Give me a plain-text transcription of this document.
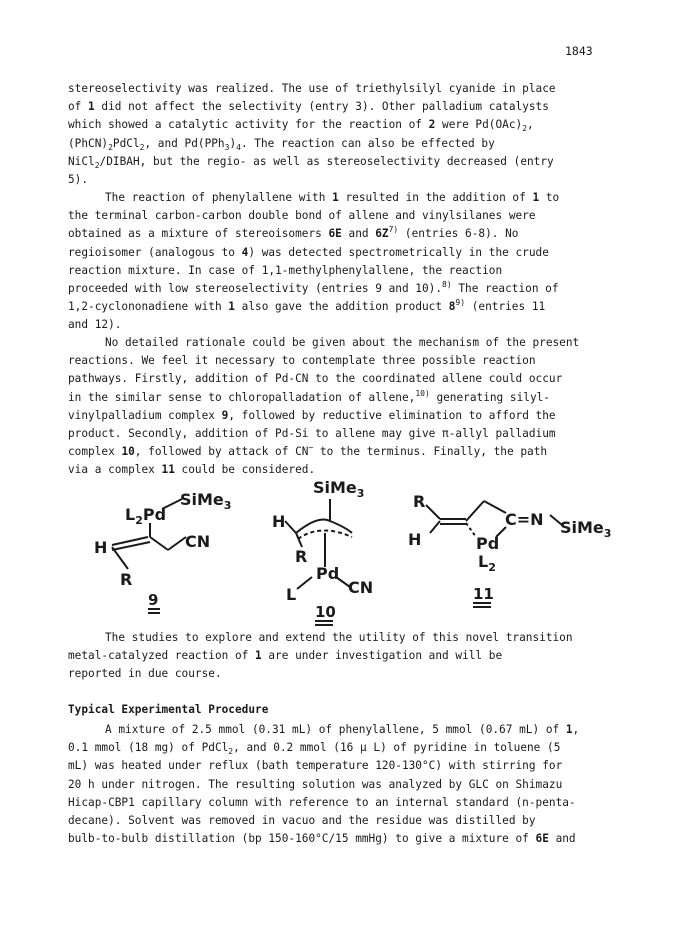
1843

stereoselectivity was realized. The use of triethylsilyl cyanide in place

of 1 did not affect the selectivity (entry 3). Other palladium catalysts

which showed a catalytic activity for the reaction of 2 were $Pd(OAc)_2$,

$(PhCN)_2PdCl_2$, and $Pd(PPh_3)_4$. The reaction can also be effected by

NiCl$_2$/DIBAH, but the regio- as well as stereoselectivity decreased (entry

5).

The reaction of phenylallene with 1 resulted in the addition of 1 to

the terminal carbon-carbon double bond of allene and vinylsilanes were

obtained as a mixture of stereoisomers 6E and $6Z^{7)}$ (entries 6-8). No

regioisomer (analogous to 4) was detected spectrometrically in the crude

reaction mixture. In case of 1,1-methylphenylallene, the reaction

proceeded with low stereoselectivity (entries 9 and 10).$^{8)}$ The reaction of

1,2-cyclononadiene with 1 also gave the addition product 8$^{9)}$ (entries 11

and 12).

No detailed rationale could be given about the mechanism of the present

reactions. We feel it necessary to contemplate three possible reaction

pathways. Firstly, addition of Pd-CN to the coordinated allene could occur

in the similar sense to chloropalladation of allene,$^{10)}$ generating silyl-

vinylpalladium complex 9, followed by reductive elimination to afford the

product. Secondly, addition of Pd-Si to allene may give π-allyl palladium

complex 10, followed by attack of CN− to the terminus. Finally, the path

via a complex 11 could be considered.

SiMe$_3$
$L_2Pd$
H	CN
R
9
SiMe$_3$
H
R
Pd
L	CN
10
R
H
C=N SiMe$_3$
Pd
$L_2$
11

The studies to explore and extend the utility of this novel transition

metal-catalyzed reaction of 1 are under investigation and will be

reported in due course.

Typical Experimental Procedure

A mixture of 2.5 mmol (0.31 mL) of phenylallene, 5 mmol (0.67 mL) of 1,

0.1 mmol (18 mg) of PdCl$_2$, and 0.2 mmol (16 μ L) of pyridine in toluene (5

mL) was heated under reflux (bath temperature 120-130°C) with stirring for

20 h under nitrogen. The resulting solution was analyzed by GLC on Shimazu

Hicap-CBP1 capillary column with reference to an internal standard (n-penta-

decane). Solvent was removed in vacuo and the residue was distilled by

bulb-to-bulb distillation (bp 150-160°C/15 mmHg) to give a mixture of 6E and
